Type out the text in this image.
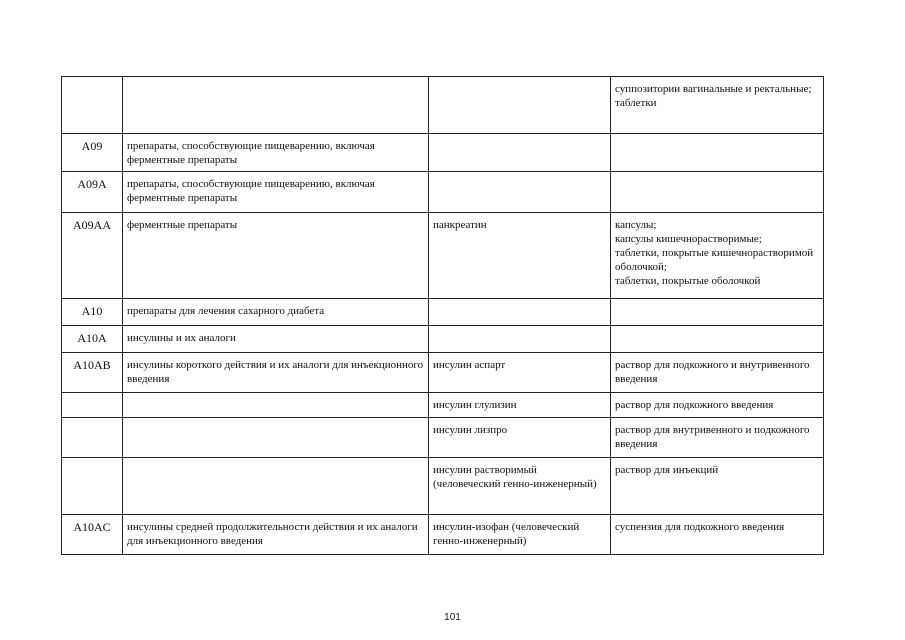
			суппозитории вагинальные и ректальные;
таблетки

A09	препараты, способствующие пищеварению, включая ферментные препараты		
A09A	препараты, способствующие пищеварению, включая ферментные препараты		
A09AA	ферментные препараты	панкреатин	капсулы;
капсулы кишечнорастворимые;
таблетки, покрытые кишечнорастворимой оболочкой;
таблетки, покрытые оболочкой

A10	препараты для лечения сахарного диабета		
A10A	инсулины и их аналоги		
A10AB	инсулины короткого действия и их аналоги для инъекционного введения	инсулин аспарт	раствор для подкожного и внутривенного введения

		инсулин глулизин	раствор для подкожного введения

		инсулин лизпро	раствор для внутривенного и подкожного введения

		инсулин растворимый (человеческий генно-инженерный)	раствор для инъекций

A10AC	инсулины средней продолжительности действия и их аналоги для инъекционного введения	инсулин-изофан (человеческий генно-инженерный)	суспензия для подкожного введения
101
